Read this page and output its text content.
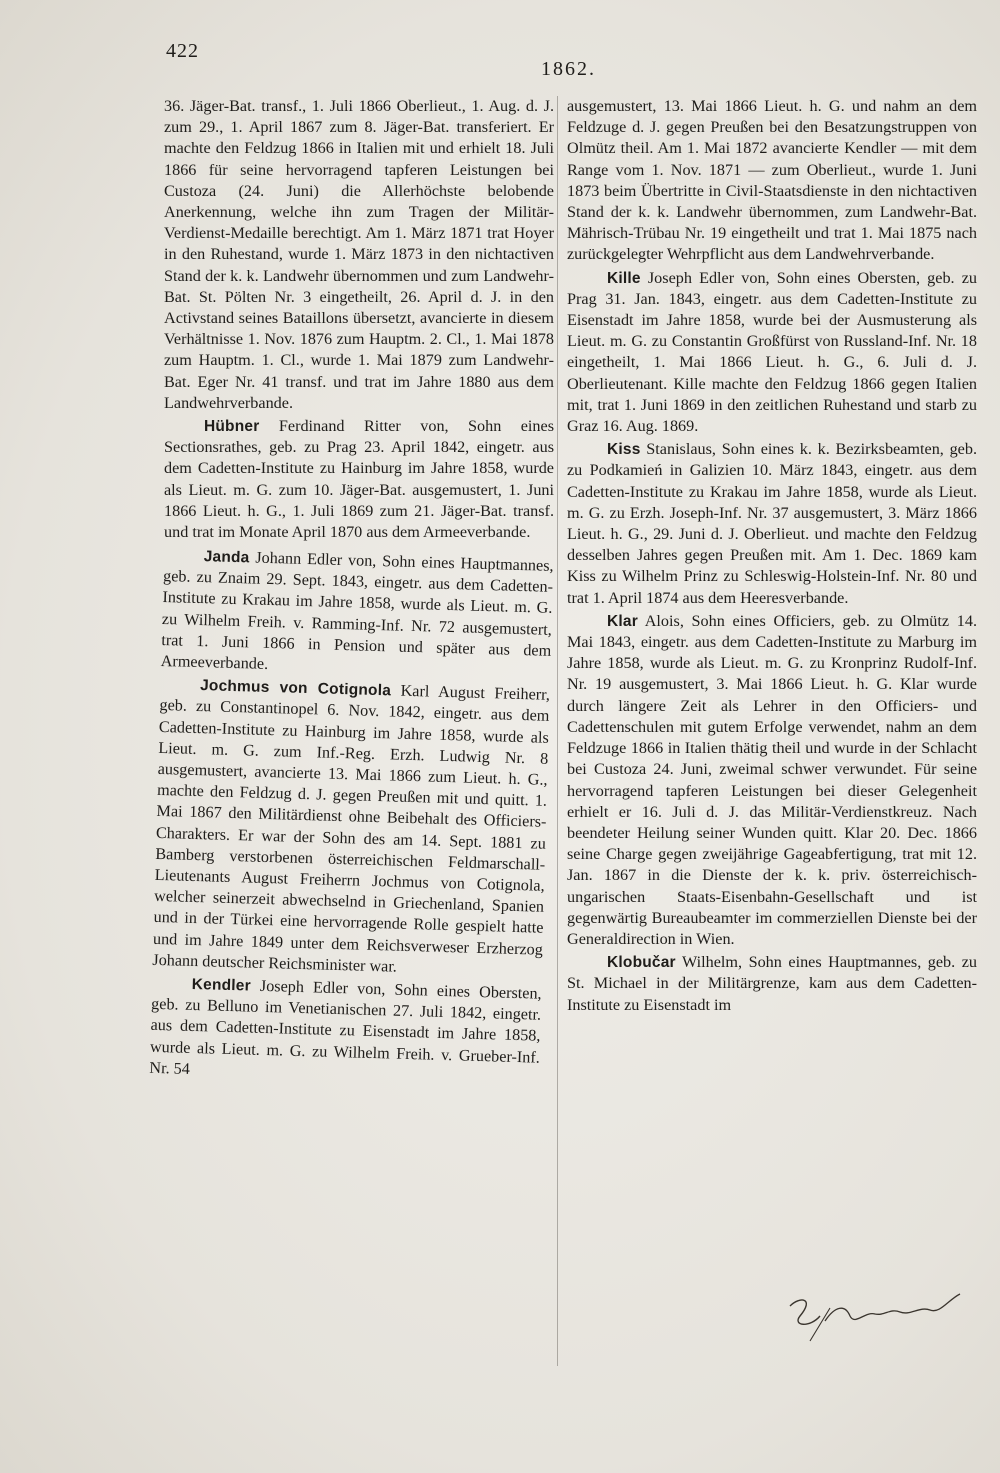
422
1862.

36. Jäger-Bat. transf., 1. Juli 1866 Oberlieut., 1. Aug. d. J. zum 29., 1. April 1867 zum 8. Jäger-Bat. transferiert. Er machte den Feldzug 1866 in Italien mit und erhielt 18. Juli 1866 für seine hervorragend tapferen Leistungen bei Custoza (24. Juni) die Allerhöchste belobende Anerkennung, welche ihn zum Tragen der Militär-Verdienst-Medaille berechtigt. Am 1. März 1871 trat Hoyer in den Ruhestand, wurde 1. März 1873 in den nichtactiven Stand der k. k. Landwehr übernommen und zum Landwehr-Bat. St. Pölten Nr. 3 eingetheilt, 26. April d. J. in den Activstand seines Bataillons übersetzt, avancierte in diesem Verhältnisse 1. Nov. 1876 zum Hauptm. 2. Cl., 1. Mai 1878 zum Hauptm. 1. Cl., wurde 1. Mai 1879 zum Landwehr-Bat. Eger Nr. 41 transf. und trat im Jahre 1880 aus dem Landwehrverbande.

Hübner Ferdinand Ritter von, Sohn eines Sectionsrathes, geb. zu Prag 23. April 1842, eingetr. aus dem Cadetten-Institute zu Hainburg im Jahre 1858, wurde als Lieut. m. G. zum 10. Jäger-Bat. ausgemustert, 1. Juni 1866 Lieut. h. G., 1. Juli 1869 zum 21. Jäger-Bat. transf. und trat im Monate April 1870 aus dem Armeeverbande.

Janda Johann Edler von, Sohn eines Hauptmannes, geb. zu Znaim 29. Sept. 1843, eingetr. aus dem Cadetten-Institute zu Krakau im Jahre 1858, wurde als Lieut. m. G. zu Wilhelm Freih. v. Ramming-Inf. Nr. 72 ausgemustert, trat 1. Juni 1866 in Pension und später aus dem Armeeverbande.

Jochmus von Cotignola Karl August Freiherr, geb. zu Constantinopel 6. Nov. 1842, eingetr. aus dem Cadetten-Institute zu Hainburg im Jahre 1858, wurde als Lieut. m. G. zum Inf.-Reg. Erzh. Ludwig Nr. 8 ausgemustert, avancierte 13. Mai 1866 zum Lieut. h. G., machte den Feldzug d. J. gegen Preußen mit und quitt. 1. Mai 1867 den Militärdienst ohne Beibehalt des Officiers-Charakters. Er war der Sohn des am 14. Sept. 1881 zu Bamberg verstorbenen österreichischen Feldmarschall-Lieutenants August Freiherrn Jochmus von Cotignola, welcher seinerzeit abwechselnd in Griechenland, Spanien und in der Türkei eine hervorragende Rolle gespielt hatte und im Jahre 1849 unter dem Reichsverweser Erzherzog Johann deutscher Reichsminister war.

Kendler Joseph Edler von, Sohn eines Obersten, geb. zu Belluno im Venetianischen 27. Juli 1842, eingetr. aus dem Cadetten-Institute zu Eisenstadt im Jahre 1858, wurde als Lieut. m. G. zu Wilhelm Freih. v. Grueber-Inf. Nr. 54

ausgemustert, 13. Mai 1866 Lieut. h. G. und nahm an dem Feldzuge d. J. gegen Preußen bei den Besatzungstruppen von Olmütz theil. Am 1. Mai 1872 avancierte Kendler — mit dem Range vom 1. Nov. 1871 — zum Oberlieut., wurde 1. Juni 1873 beim Übertritte in Civil-Staatsdienste in den nichtactiven Stand der k. k. Landwehr übernommen, zum Landwehr-Bat. Mährisch-Trübau Nr. 19 eingetheilt und trat 1. Mai 1875 nach zurückgelegter Wehrpflicht aus dem Landwehrverbande.

Kille Joseph Edler von, Sohn eines Obersten, geb. zu Prag 31. Jan. 1843, eingetr. aus dem Cadetten-Institute zu Eisenstadt im Jahre 1858, wurde bei der Ausmusterung als Lieut. m. G. zu Constantin Großfürst von Russland-Inf. Nr. 18 eingetheilt, 1. Mai 1866 Lieut. h. G., 6. Juli d. J. Oberlieutenant. Kille machte den Feldzug 1866 gegen Italien mit, trat 1. Juni 1869 in den zeitlichen Ruhestand und starb zu Graz 16. Aug. 1869.

Kiss Stanislaus, Sohn eines k. k. Bezirksbeamten, geb. zu Podkamień in Galizien 10. März 1843, eingetr. aus dem Cadetten-Institute zu Krakau im Jahre 1858, wurde als Lieut. m. G. zu Erzh. Joseph-Inf. Nr. 37 ausgemustert, 3. März 1866 Lieut. h. G., 29. Juni d. J. Oberlieut. und machte den Feldzug desselben Jahres gegen Preußen mit. Am 1. Dec. 1869 kam Kiss zu Wilhelm Prinz zu Schleswig-Holstein-Inf. Nr. 80 und trat 1. April 1874 aus dem Heeresverbande.

Klar Alois, Sohn eines Officiers, geb. zu Olmütz 14. Mai 1843, eingetr. aus dem Cadetten-Institute zu Marburg im Jahre 1858, wurde als Lieut. m. G. zu Kronprinz Rudolf-Inf. Nr. 19 ausgemustert, 3. Mai 1866 Lieut. h. G. Klar wurde durch längere Zeit als Lehrer in den Officiers- und Cadettenschulen mit gutem Erfolge verwendet, nahm an dem Feldzuge 1866 in Italien thätig theil und wurde in der Schlacht bei Custoza 24. Juni, zweimal schwer verwundet. Für seine hervorragend tapferen Leistungen bei dieser Gelegenheit erhielt er 16. Juli d. J. das Militär-Verdienstkreuz. Nach beendeter Heilung seiner Wunden quitt. Klar 20. Dec. 1866 seine Charge gegen zweijährige Gageabfertigung, trat mit 12. Jan. 1867 in die Dienste der k. k. priv. österreichisch-ungarischen Staats-Eisenbahn-Gesellschaft und ist gegenwärtig Bureaubeamter im commerziellen Dienste bei der Generaldirection in Wien.

Klobučar Wilhelm, Sohn eines Hauptmannes, geb. zu St. Michael in der Militärgrenze, kam aus dem Cadetten-Institute zu Eisenstadt im
